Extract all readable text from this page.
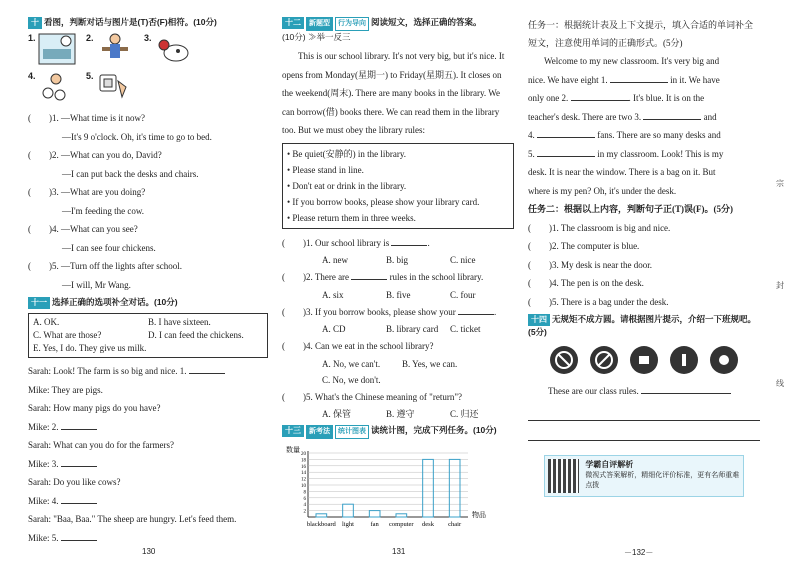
十 看图，判断对话与图片是(T)否(F)相符。(10分)
1.	2.	3.
4.	5.
(　　)1. —What time is it now?
—It's 9 o'clock. Oh, it's time to go to bed.
(　　)2. —What can you do, David?
—I can put back the desks and chairs.
(　　)3. —What are you doing?
—I'm feeding the cow.
(　　)4. —What can you see?
—I can see four chickens.
(　　)5. —Turn off the lights after school.
—I will, Mr Wang.
十一 选择正确的选项补全对话。(10分)
A. OK.	B. I have sixteen.
C. What are those?	D. I can feed the chickens.
E. Yes, I do. They give us milk.
Sarah: Look! The farm is so big and nice. 1.
Mike: They are pigs.
Sarah: How many pigs do you have?
Mike: 2.
Sarah: What can you do for the farmers?
Mike: 3.
Sarah: Do you like cows?
Mike: 4.
Sarah: "Baa, Baa." The sheep are hungry. Let's feed them.
Mike: 5.
130
十二 新题型 行为导向 阅读短文，选择正确的答案。
(10分) ≫举一反三
This is our school library. It's not very big, but it's nice. It opens from Monday(星期一) to Friday(星期五). It closes on the weekend(周末). There are many books in the library. We can borrow(借) books there. We can read them in the library too. But we must obey the library rules:
• Be quiet(安静的) in the library.
• Please stand in line.
• Don't eat or drink in the library.
• If you borrow books, please show your library card.
• Please return them in three weeks.
(　　)1. Our school library is	.
A. new	B. big	C. nice
(　　)2. There are	rules in the school library.
A. six	B. five	C. four
(　　)3. If you borrow books, please show your	.
A. CD	B. library card	C. ticket
(　　)4. Can we eat in the school library?
A. No, we can't.	B. Yes, we can.
C. No, we don't.
(　　)5. What's the Chinese meaning of "return"?
A. 保管	B. 遵守	C. 归还
十三 新考法 统计图表 读统计图，完成下列任务。(10分)
数量
2
4
6
8
10
12
14
16
18
20
blackboard light	fan computer desk chair
物品
131
任务一：根据统计表及上下文提示，填入合适的单词补全短文，注意使用单词的正确形式。(5分)
Welcome to my new classroom. It's very big and
nice. We have eight 1.	in it. We have
only one 2.	. It's blue. It is on the
teacher's desk. There are two 3.	and
4.	fans. There are so many desks and
5.	in my classroom. Look! This is my
desk. It is near the window. There is a bag on it. But
where is my pen? Oh, it's under the desk.
任务二：根据以上内容，判断句子正(T)误(F)。(5分)
(　　)1. The classroom is big and nice.
(　　)2. The computer is blue.
(　　)3. My desk is near the door.
(　　)4. The pen is on the desk.
(　　)5. There is a bag under the desk.
十四 无规矩不成方圆。请根据图片提示，介绍一下班规吧。(5分)
These are our class rules.
学霸自评解析
微视式答案解析，精细化评价标准，更有名师重难点拨
－132－
宗
封
线
